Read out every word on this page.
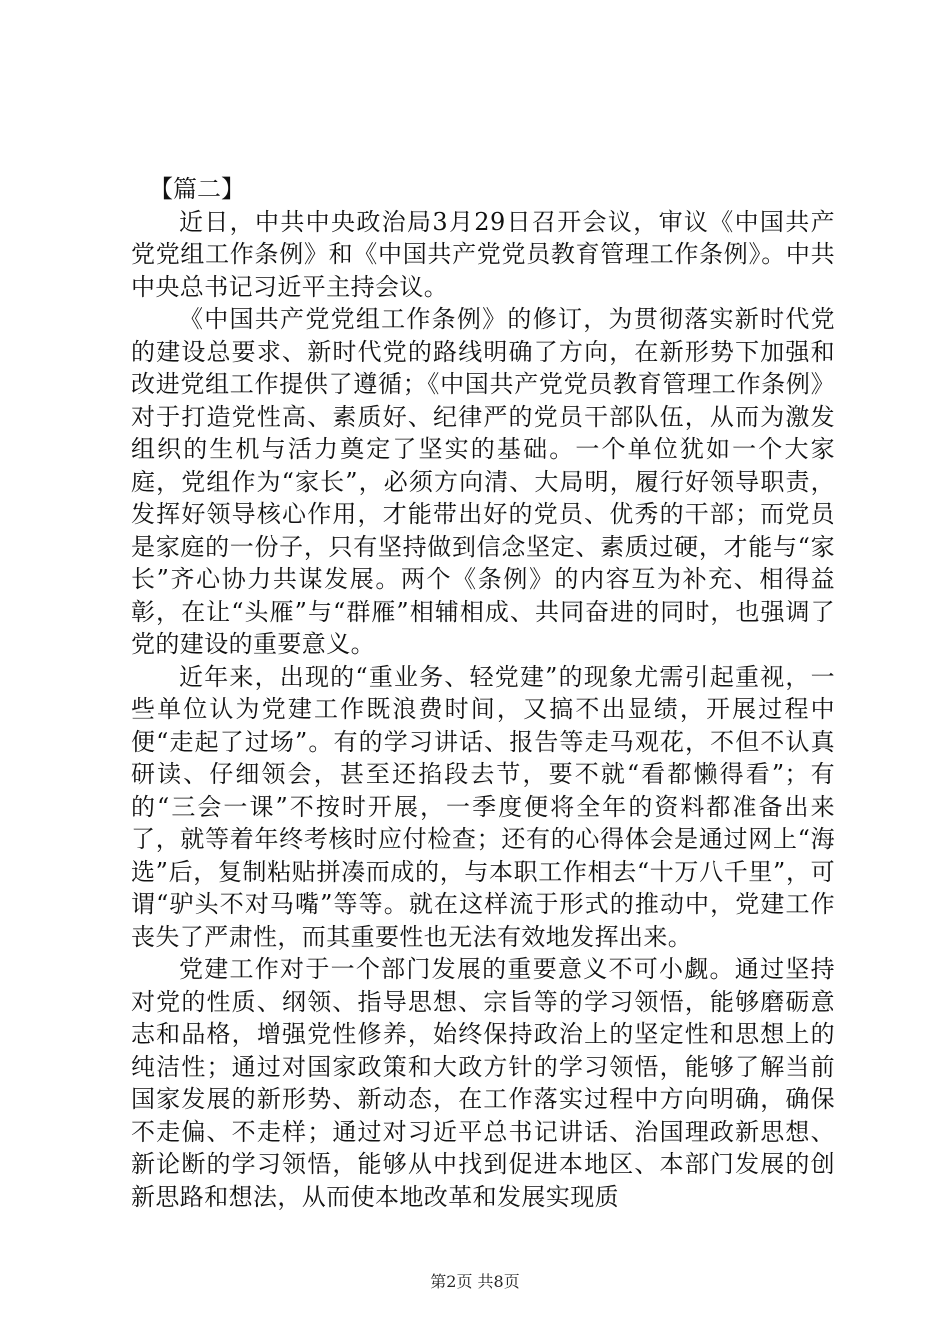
【篇二】

近日，中共中央政治局3月29日召开会议，审议《中国共产党党组工作条例》和《中国共产党党员教育管理工作条例》。中共中央总书记习近平主持会议。

《中国共产党党组工作条例》的修订，为贯彻落实新时代党的建设总要求、新时代党的路线明确了方向，在新形势下加强和改进党组工作提供了遵循；《中国共产党党员教育管理工作条例》对于打造党性高、素质好、纪律严的党员干部队伍，从而为激发组织的生机与活力奠定了坚实的基础。一个单位犹如一个大家庭，党组作为“家长”，必须方向清、大局明，履行好领导职责，发挥好领导核心作用，才能带出好的党员、优秀的干部；而党员是家庭的一份子，只有坚持做到信念坚定、素质过硬，才能与“家长”齐心协力共谋发展。两个《条例》的内容互为补充、相得益彰，在让“头雁”与“群雁”相辅相成、共同奋进的同时，也强调了党的建设的重要意义。

近年来，出现的“重业务、轻党建”的现象尤需引起重视，一些单位认为党建工作既浪费时间，又搞不出显绩，开展过程中便“走起了过场”。有的学习讲话、报告等走马观花，不但不认真研读、仔细领会，甚至还掐段去节，要不就“看都懒得看”；有的“三会一课”不按时开展，一季度便将全年的资料都准备出来了，就等着年终考核时应付检查；还有的心得体会是通过网上“海选”后，复制粘贴拼凑而成的，与本职工作相去“十万八千里”，可谓“驴头不对马嘴”等等。就在这样流于形式的推动中，党建工作丧失了严肃性，而其重要性也无法有效地发挥出来。

党建工作对于一个部门发展的重要意义不可小觑。通过坚持对党的性质、纲领、指导思想、宗旨等的学习领悟，能够磨砺意志和品格，增强党性修养，始终保持政治上的坚定性和思想上的纯洁性；通过对国家政策和大政方针的学习领悟，能够了解当前国家发展的新形势、新动态，在工作落实过程中方向明确，确保不走偏、不走样；通过对习近平总书记讲话、治国理政新思想、新论断的学习领悟，能够从中找到促进本地区、本部门发展的创新思路和想法，从而使本地改革和发展实现质

第2页 共8页
